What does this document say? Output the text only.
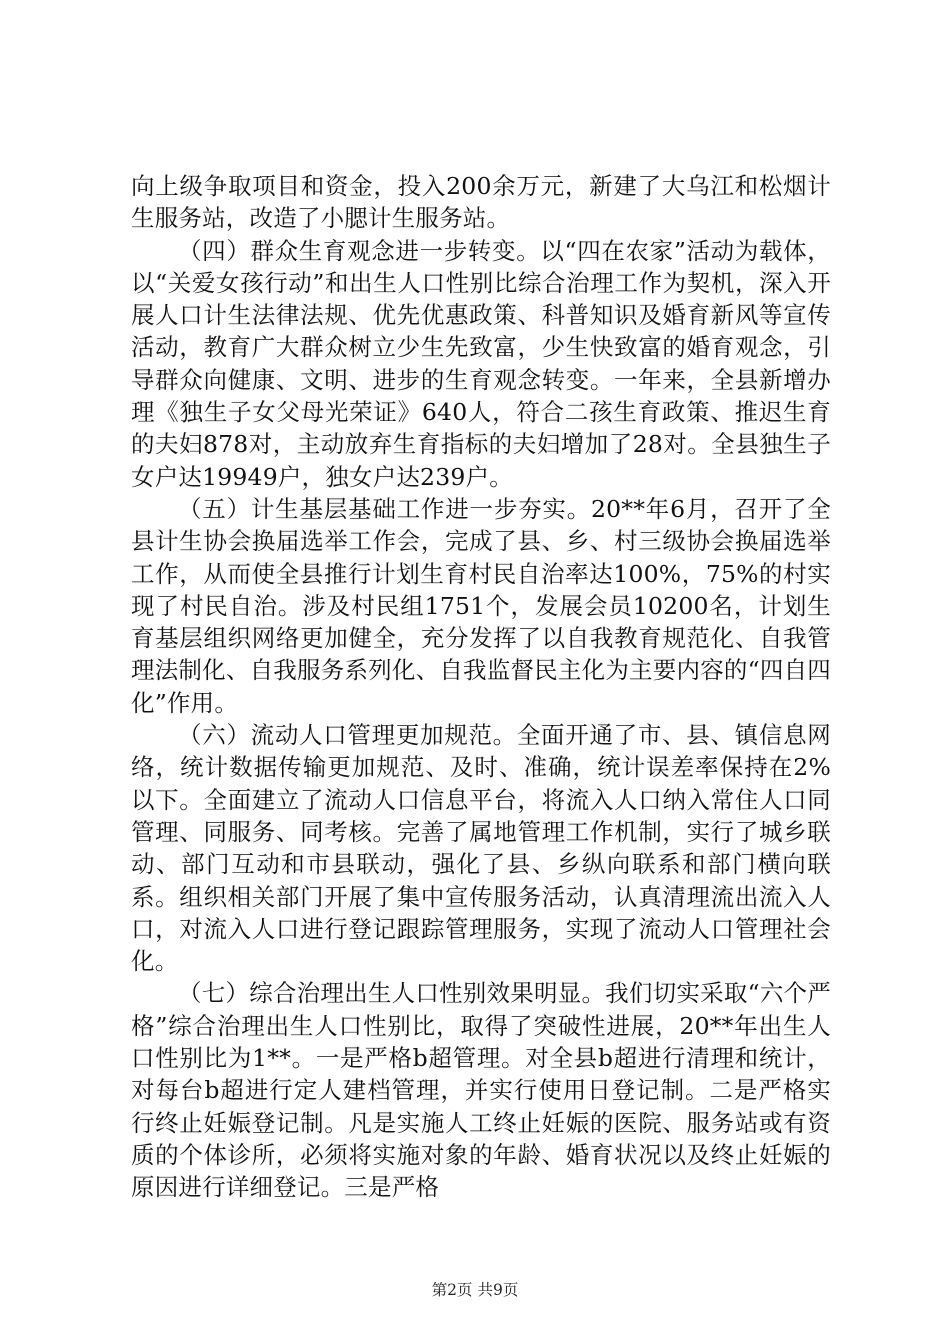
向上级争取项目和资金，投入200余万元，新建了大乌江和松烟计生服务站，改造了小腮计生服务站。

（四）群众生育观念进一步转变。以“四在农家”活动为载体，以“关爱女孩行动”和出生人口性别比综合治理工作为契机，深入开展人口计生法律法规、优先优惠政策、科普知识及婚育新风等宣传活动，教育广大群众树立少生先致富，少生快致富的婚育观念，引导群众向健康、文明、进步的生育观念转变。一年来，全县新增办理《独生子女父母光荣证》640人，符合二孩生育政策、推迟生育的夫妇878对，主动放弃生育指标的夫妇增加了28对。全县独生子女户达19949户，独女户达239户。

（五）计生基层基础工作进一步夯实。20**年6月，召开了全县计生协会换届选举工作会，完成了县、乡、村三级协会换届选举工作，从而使全县推行计划生育村民自治率达100%，75%的村实现了村民自治。涉及村民组1751个，发展会员10200名，计划生育基层组织网络更加健全，充分发挥了以自我教育规范化、自我管理法制化、自我服务系列化、自我监督民主化为主要内容的“四自四化”作用。

（六）流动人口管理更加规范。全面开通了市、县、镇信息网络，统计数据传输更加规范、及时、准确，统计误差率保持在2%以下。全面建立了流动人口信息平台，将流入人口纳入常住人口同管理、同服务、同考核。完善了属地管理工作机制，实行了城乡联动、部门互动和市县联动，强化了县、乡纵向联系和部门横向联系。组织相关部门开展了集中宣传服务活动，认真清理流出流入人口，对流入人口进行登记跟踪管理服务，实现了流动人口管理社会化。

（七）综合治理出生人口性别效果明显。我们切实采取“六个严格”综合治理出生人口性别比，取得了突破性进展，20**年出生人口性别比为1**。一是严格b超管理。对全县b超进行清理和统计，对每台b超进行定人建档管理，并实行使用日登记制。二是严格实行终止妊娠登记制。凡是实施人工终止妊娠的医院、服务站或有资质的个体诊所，必须将实施对象的年龄、婚育状况以及终止妊娠的原因进行详细登记。三是严格

第2页 共9页
